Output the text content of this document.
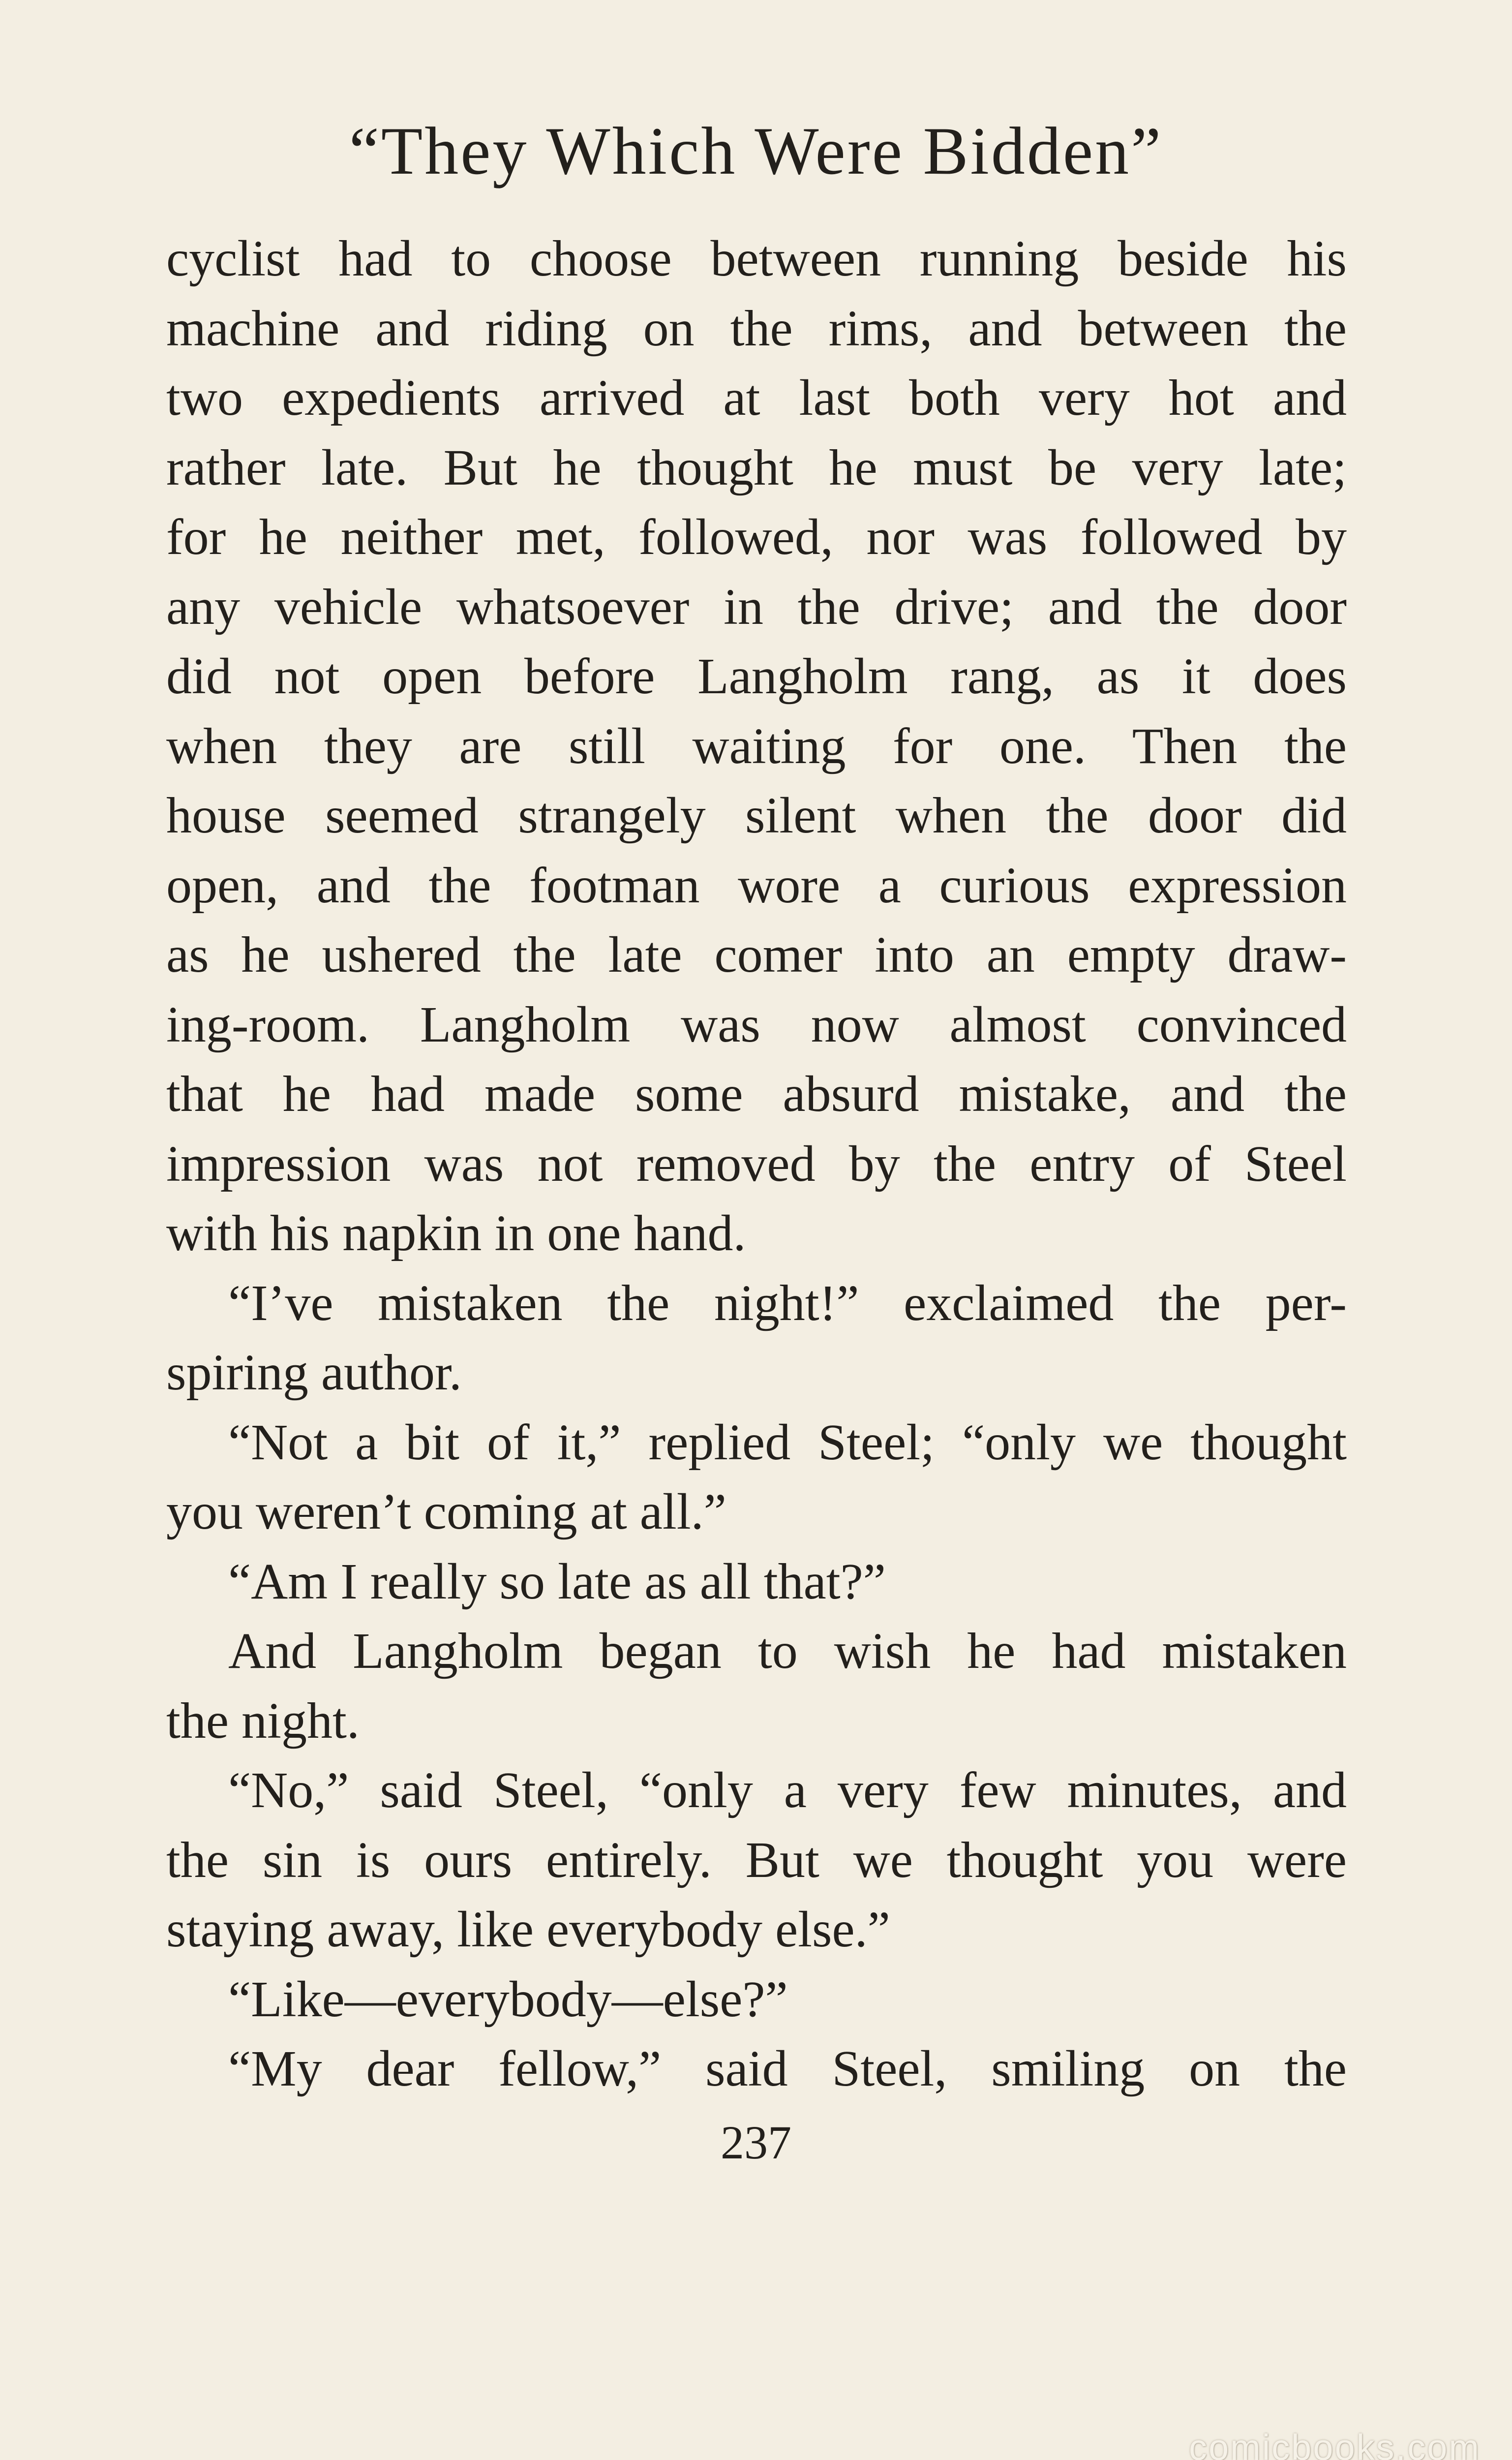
“They Which Were Bidden”
cyclist had to choose between running beside his
machine and riding on the rims, and between the
two expedients arrived at last both very hot and
rather late. But he thought he must be very late;
for he neither met, followed, nor was followed by
any vehicle whatsoever in the drive; and the door
did not open before Langholm rang, as it does
when they are still waiting for one. Then the
house seemed strangely silent when the door did
open, and the footman wore a curious expression
as he ushered the late comer into an empty draw-
ing-room. Langholm was now almost convinced
that he had made some absurd mistake, and the
impression was not removed by the entry of Steel
with his napkin in one hand.
“I’ve mistaken the night!” exclaimed the per-
spiring author.
“Not a bit of it,” replied Steel; “only we thought
you weren’t coming at all.”
“Am I really so late as all that?”
And Langholm began to wish he had mistaken
the night.
“No,” said Steel, “only a very few minutes, and
the sin is ours entirely. But we thought you were
staying away, like everybody else.”
“Like—everybody—else?”
“My dear fellow,” said Steel, smiling on the
237
comicbooks.com
